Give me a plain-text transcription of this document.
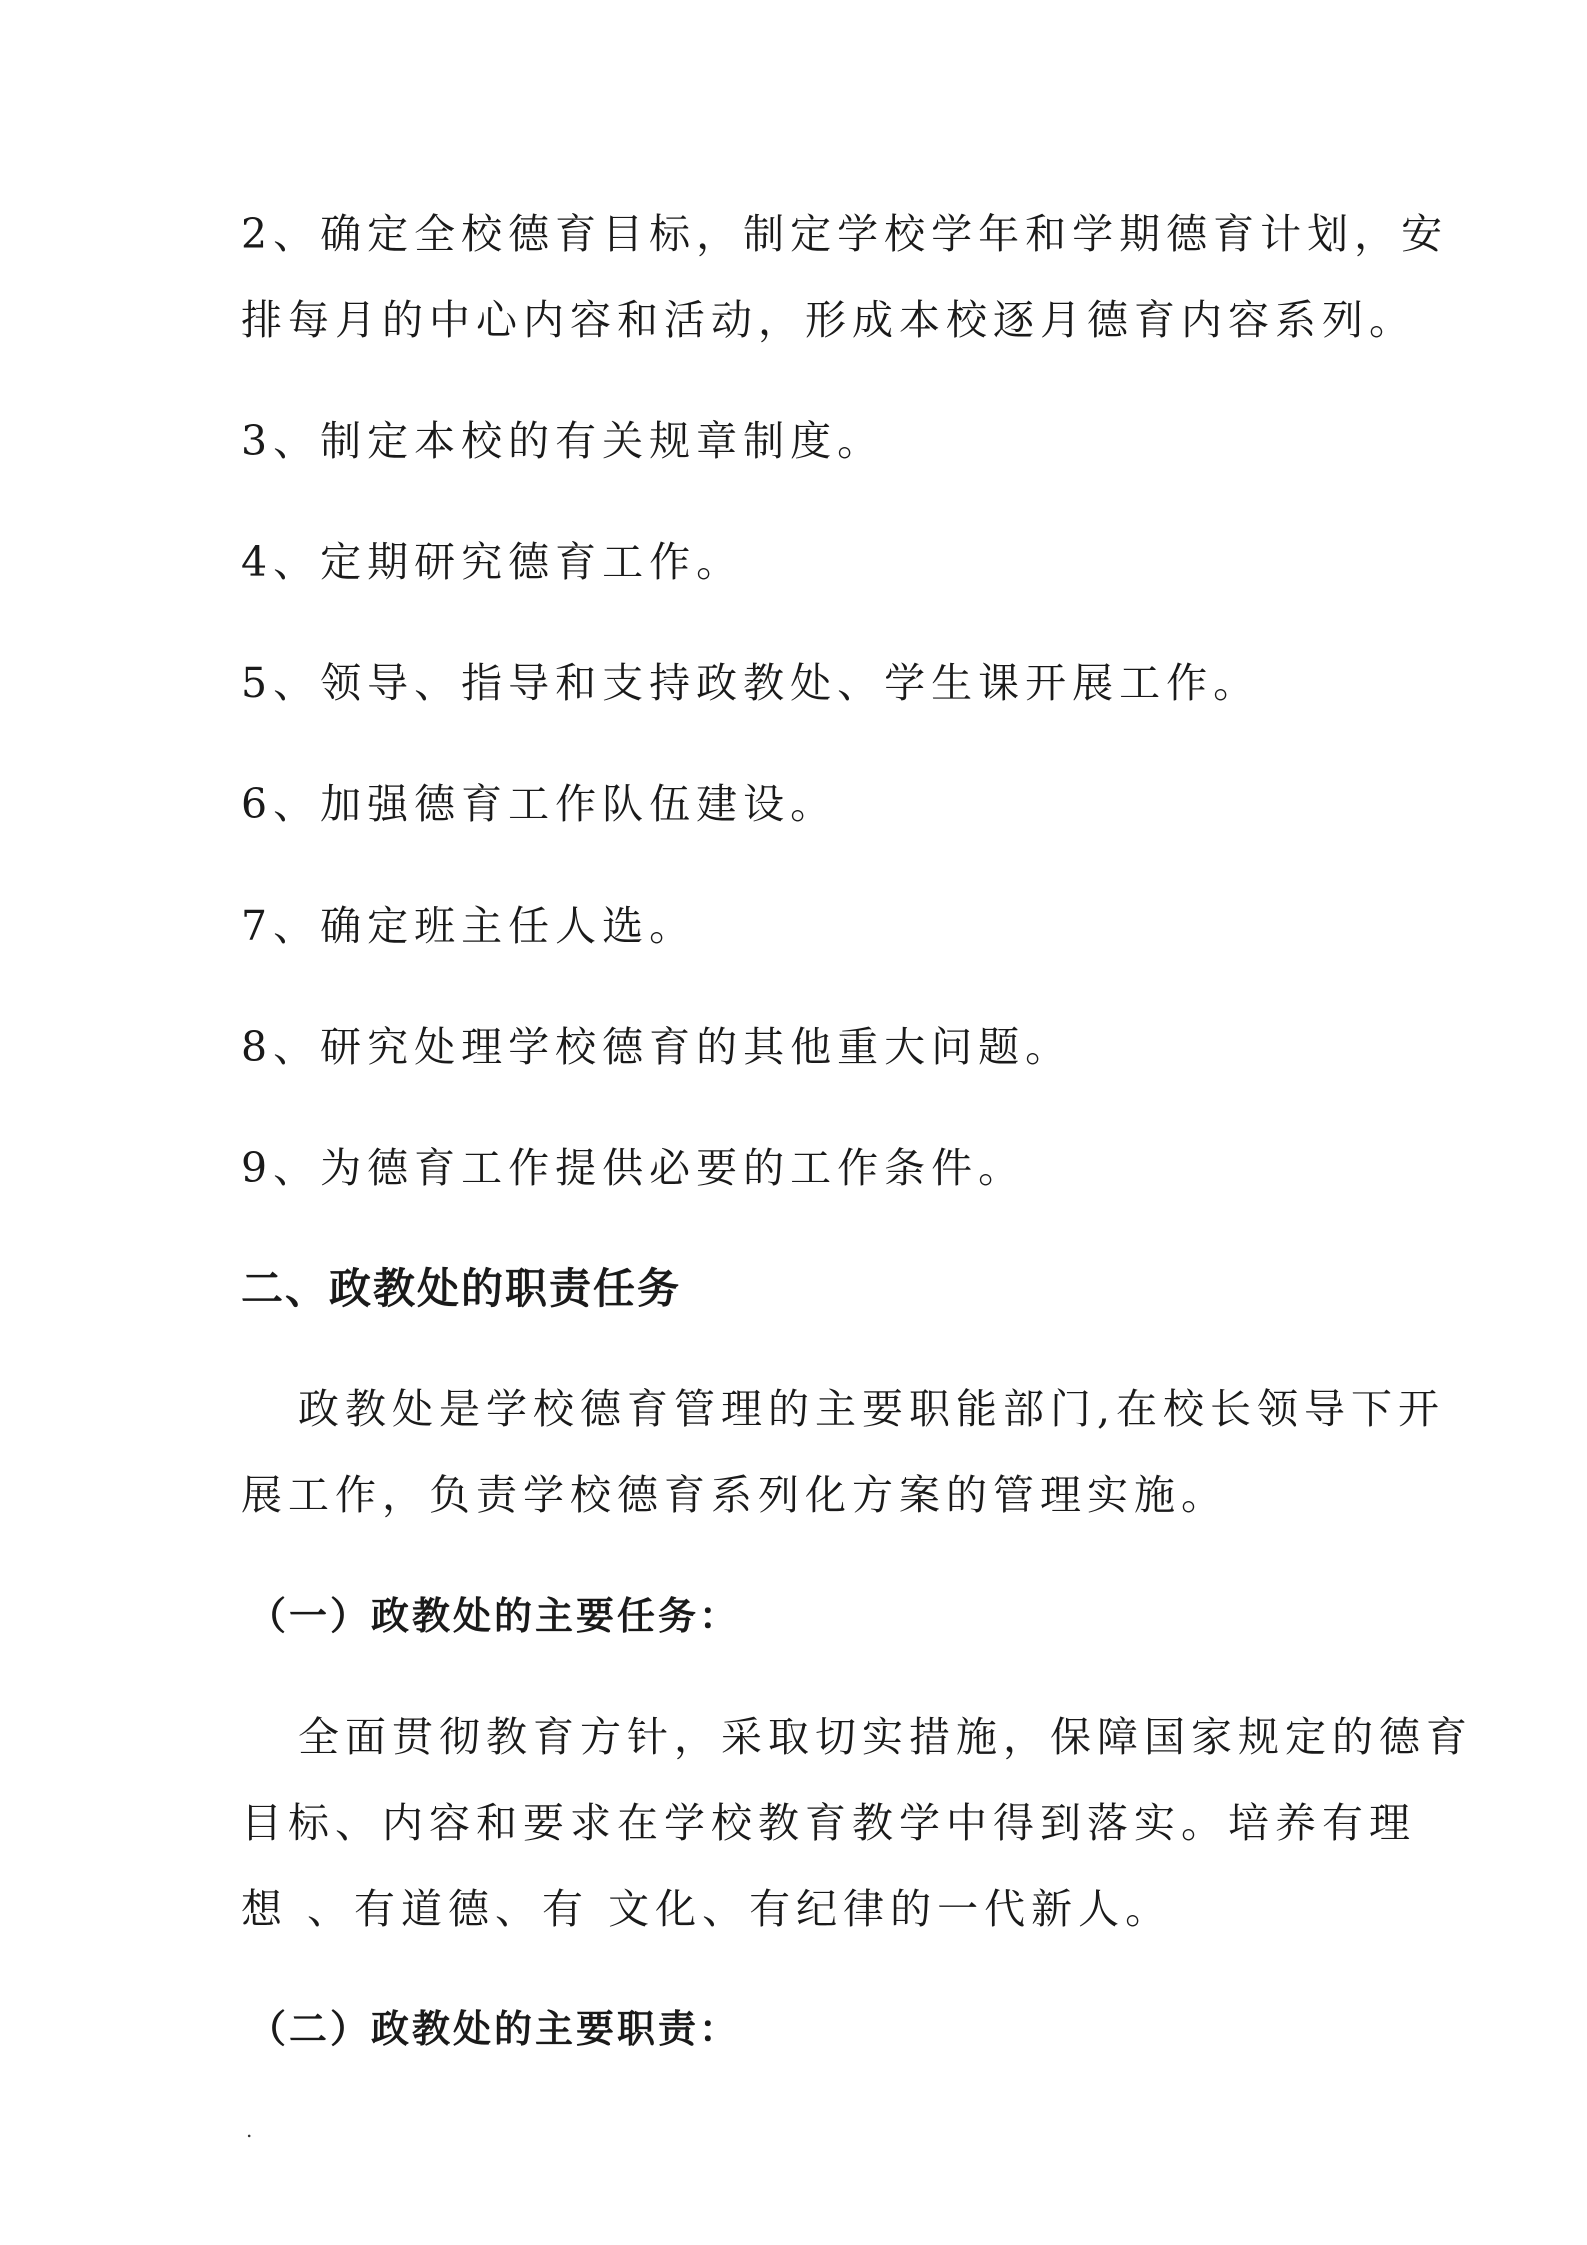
2、确定全校德育目标，制定学校学年和学期德育计划，安
排每月的中心内容和活动，形成本校逐月德育内容系列。
3、制定本校的有关规章制度。
4、定期研究德育工作。
5、领导、指导和支持政教处、学生课开展工作。
6、加强德育工作队伍建设。
7、确定班主任人选。
8、研究处理学校德育的其他重大问题。
9、为德育工作提供必要的工作条件。
二、政教处的职责任务
政教处是学校德育管理的主要职能部门,在校长领导下开
展工作，负责学校德育系列化方案的管理实施。
（一）政教处的主要任务：
全面贯彻教育方针，采取切实措施，保障国家规定的德育
目标、内容和要求在学校教育教学中得到落实。培养有理
想 、有道德、有 文化、有纪律的一代新人。
（二）政教处的主要职责：
.
